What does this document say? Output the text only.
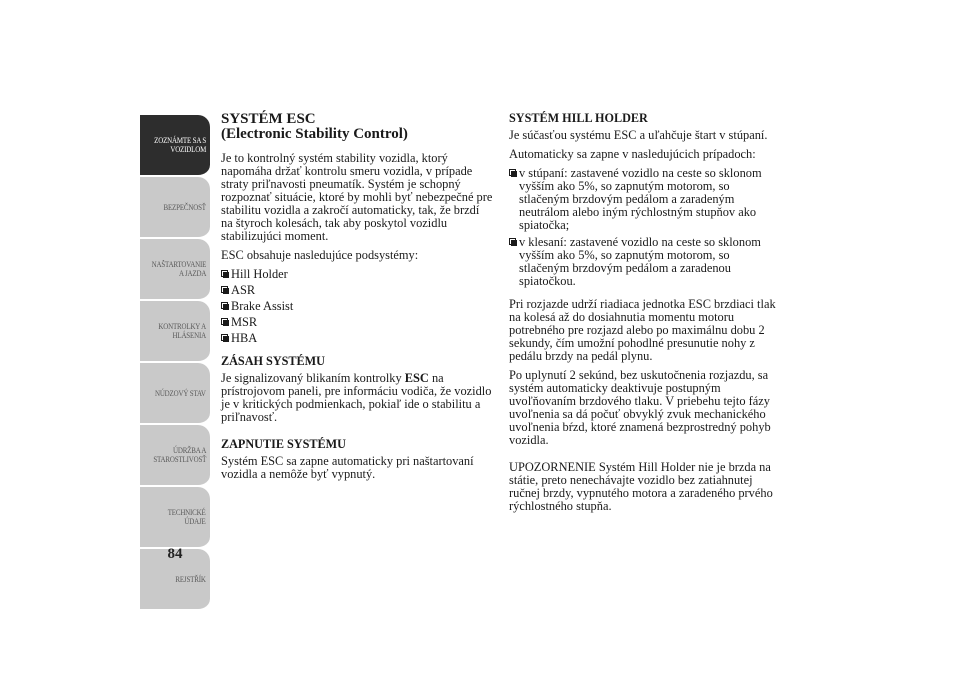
ZOZNÁMTE SA S
VOZIDLOM
BEZPEČNOSŤ
NAŠTARTOVANIE
A JAZDA
KONTROLKY A
HLÁSENIA
NÚDZOVÝ STAV
ÚDRŽBA A
STAROSTLIVOSŤ
TECHNICKÉ
ÚDAJE
REJSTŘÍK
84
SYSTÉM ESC
(Electronic Stability Control)

Je to kontrolný systém stability vozidla, ktorý napomáha držať kontrolu smeru vozidla, v prípade straty priľnavosti pneumatík. Systém je schopný rozpoznať situácie, ktoré by mohli byť nebezpečné pre stabilitu vozidla a zakročí automaticky, tak, že brzdí na štyroch kolesách, tak aby poskytol vozidlu stabilizujúci moment.

ESC obsahuje nasledujúce podsystémy:

Hill Holder
ASR
Brake Assist
MSR
HBA
ZÁSAH SYSTÉMU

Je signalizovaný blikaním kontrolky ESC na prístrojovom paneli, pre informáciu vodiča, že vozidlo je v kritických podmienkach, pokiaľ ide o stabilitu a priľnavosť.

ZAPNUTIE SYSTÉMU

Systém ESC sa zapne automaticky pri naštartovaní vozidla a nemôže byť vypnutý.

SYSTÉM HILL HOLDER

Je súčasťou systému ESC a uľahčuje štart v stúpaní.

Automaticky sa zapne v nasledujúcich prípadoch:

v stúpaní: zastavené vozidlo na ceste so sklonom vyšším ako 5%, so zapnutým motorom, so stlačeným brzdovým pedálom a zaradeným neutrálom alebo iným rýchlostným stupňov ako spiatočka;
v klesaní: zastavené vozidlo na ceste so sklonom vyšším ako 5%, so zapnutým motorom, so stlačeným brzdovým pedálom a zaradenou spiatočkou.

Pri rozjazde udrží riadiaca jednotka ESC brzdiaci tlak na kolesá až do dosiahnutia momentu motoru potrebného pre rozjazd alebo po maximálnu dobu 2 sekundy, čím umožní pohodlné presunutie nohy z pedálu brzdy na pedál plynu.

Po uplynutí 2 sekúnd, bez uskutočnenia rozjazdu, sa systém automaticky deaktivuje postupným uvoľňovaním brzdového tlaku. V priebehu tejto fázy uvoľnenia sa dá počuť obvyklý zvuk mechanického uvoľnenia bŕzd, ktoré znamená bezprostredný pohyb vozidla.

UPOZORNENIE Systém Hill Holder nie je brzda na státie, preto nenechávajte vozidlo bez zatiahnutej ručnej brzdy, vypnutého motora a zaradeného prvého rýchlostného stupňa.
